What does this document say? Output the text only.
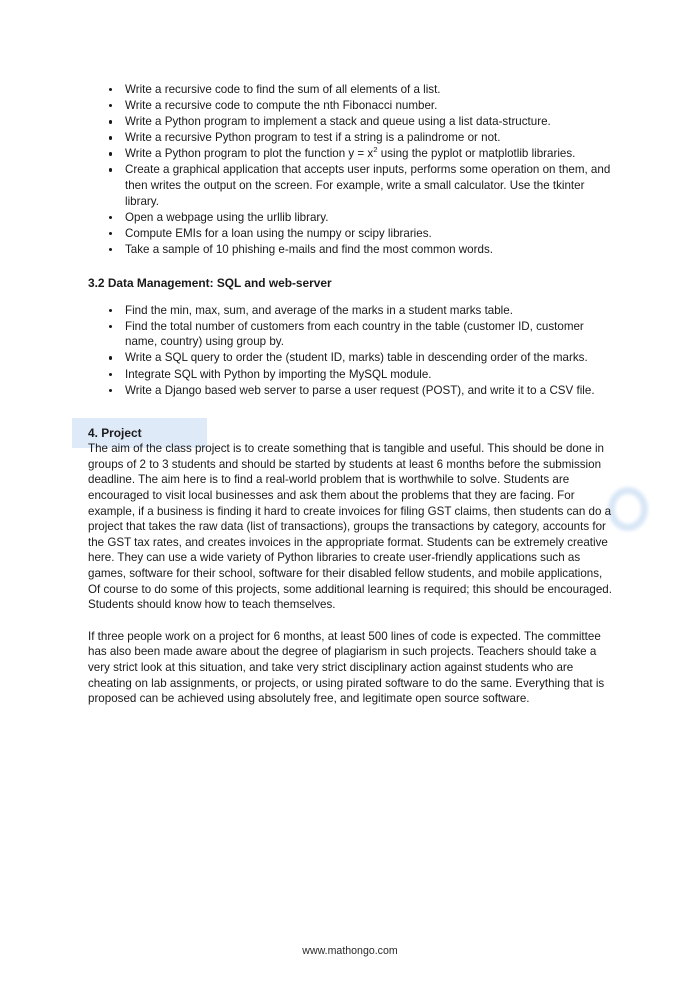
Write a recursive code to find the sum of all elements of a list.
Write a recursive code to compute the nth Fibonacci number.
Write a Python program to implement a stack and queue using a list data-structure.
Write a recursive Python program to test if a string is a palindrome or not.
Write a Python program to plot the function $y = x^2$ using the pyplot or matplotlib libraries.
Create a graphical application that accepts user inputs, performs some operation on them, and then writes the output on the screen. For example, write a small calculator. Use the tkinter library.
Open a webpage using the urllib library.
Compute EMIs for a loan using the numpy or scipy libraries.
Take a sample of 10 phishing e-mails and find the most common words.
3.2 Data Management: SQL and web-server
Find the min, max, sum, and average of the marks in a student marks table.
Find the total number of customers from each country in the table (customer ID, customer name, country) using group by.
Write a SQL query to order the (student ID, marks) table in descending order of the marks.
Integrate SQL with Python by importing the MySQL module.
Write a Django based web server to parse a user request (POST), and write it to a CSV file.
4. Project

The aim of the class project is to create something that is tangible and useful. This should be done in groups of 2 to 3 students and should be started by students at least 6 months before the submission deadline. The aim here is to find a real-world problem that is worthwhile to solve. Students are encouraged to visit local businesses and ask them about the problems that they are facing. For example, if a business is finding it hard to create invoices for filing GST claims, then students can do a project that takes the raw data (list of transactions), groups the transactions by category, accounts for the GST tax rates, and creates invoices in the appropriate format. Students can be extremely creative here. They can use a wide variety of Python libraries to create user-friendly applications such as games, software for their school, software for their disabled fellow students, and mobile applications, Of course to do some of this projects, some additional learning is required; this should be encouraged. Students should know how to teach themselves.

If three people work on a project for 6 months, at least 500 lines of code is expected. The committee has also been made aware about the degree of plagiarism in such projects. Teachers should take a very strict look at this situation, and take very strict disciplinary action against students who are cheating on lab assignments, or projects, or using pirated software to do the same. Everything that is proposed can be achieved using absolutely free, and legitimate open source software.

www.mathongo.com
